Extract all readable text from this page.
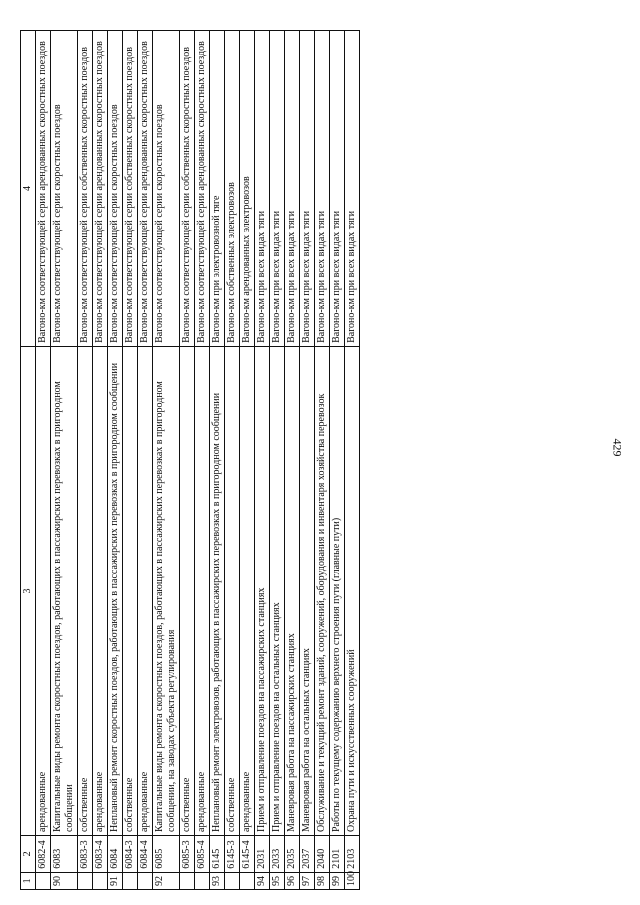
429
1	2	3	4
	6082-4	арендованные	Вагоно-км соответствующей серии арендованных скоростных поездов
90	6083	Капитальные виды ремонта скоростных поездов, работающих в пассажирских перевозках в пригородном сообщении	Вагоно-км соответствующей серии скоростных поездов
	6083-3	собственные	Вагоно-км соответствующей серии собственных скоростных поездов
	6083-4	арендованные	Вагоно-км соответствующей серии арендованных скоростных поездов
91	6084	Неплановый ремонт скоростных поездов, работающих в пассажирских перевозках в пригородном сообщении	Вагоно-км соответствующей серии скоростных поездов
	6084-3	собственные	Вагоно-км соответствующей серии собственных скоростных поездов
	6084-4	арендованные	Вагоно-км соответствующей серии арендованных скоростных поездов
92	6085	Капитальные виды ремонта скоростных поездов, работающих в пассажирских перевозках в пригородном сообщении, на заводах субъекта регулирования	Вагоно-км соответствующей серии скоростных поездов
	6085-3	собственные	Вагоно-км соответствующей серии собственных скоростных поездов
	6085-4	арендованные	Вагоно-км соответствующей серии арендованных скоростных поездов
93	6145	Неплановый ремонт электровозов, работающих в пассажирских перевозках в пригородном сообщении	Вагоно-км при электровозной тяге
	6145-3	собственные	Вагоно-км собственных электровозов
	6145-4	арендованные	Вагоно-км арендованных электровозов
94	2031	Прием и отправление поездов на пассажирских станциях	Вагоно-км при всех видах тяги
95	2033	Прием и отправление поездов на остальных станциях	Вагоно-км при всех видах тяги
96	2035	Маневровая работа на пассажирских станциях	Вагоно-км при всех видах тяги
97	2037	Маневровая работа на остальных станциях	Вагоно-км при всех видах тяги
98	2040	Обслуживание и текущий ремонт зданий, сооружений, оборудования и инвентаря хозяйства перевозок	Вагоно-км при всех видах тяги
99	2101	Работы по текущему содержанию верхнего строения пути (главные пути)	Вагоно-км при всех видах тяги
100	2103	Охрана пути и искусственных сооружений	Вагоно-км при всех видах тяги
